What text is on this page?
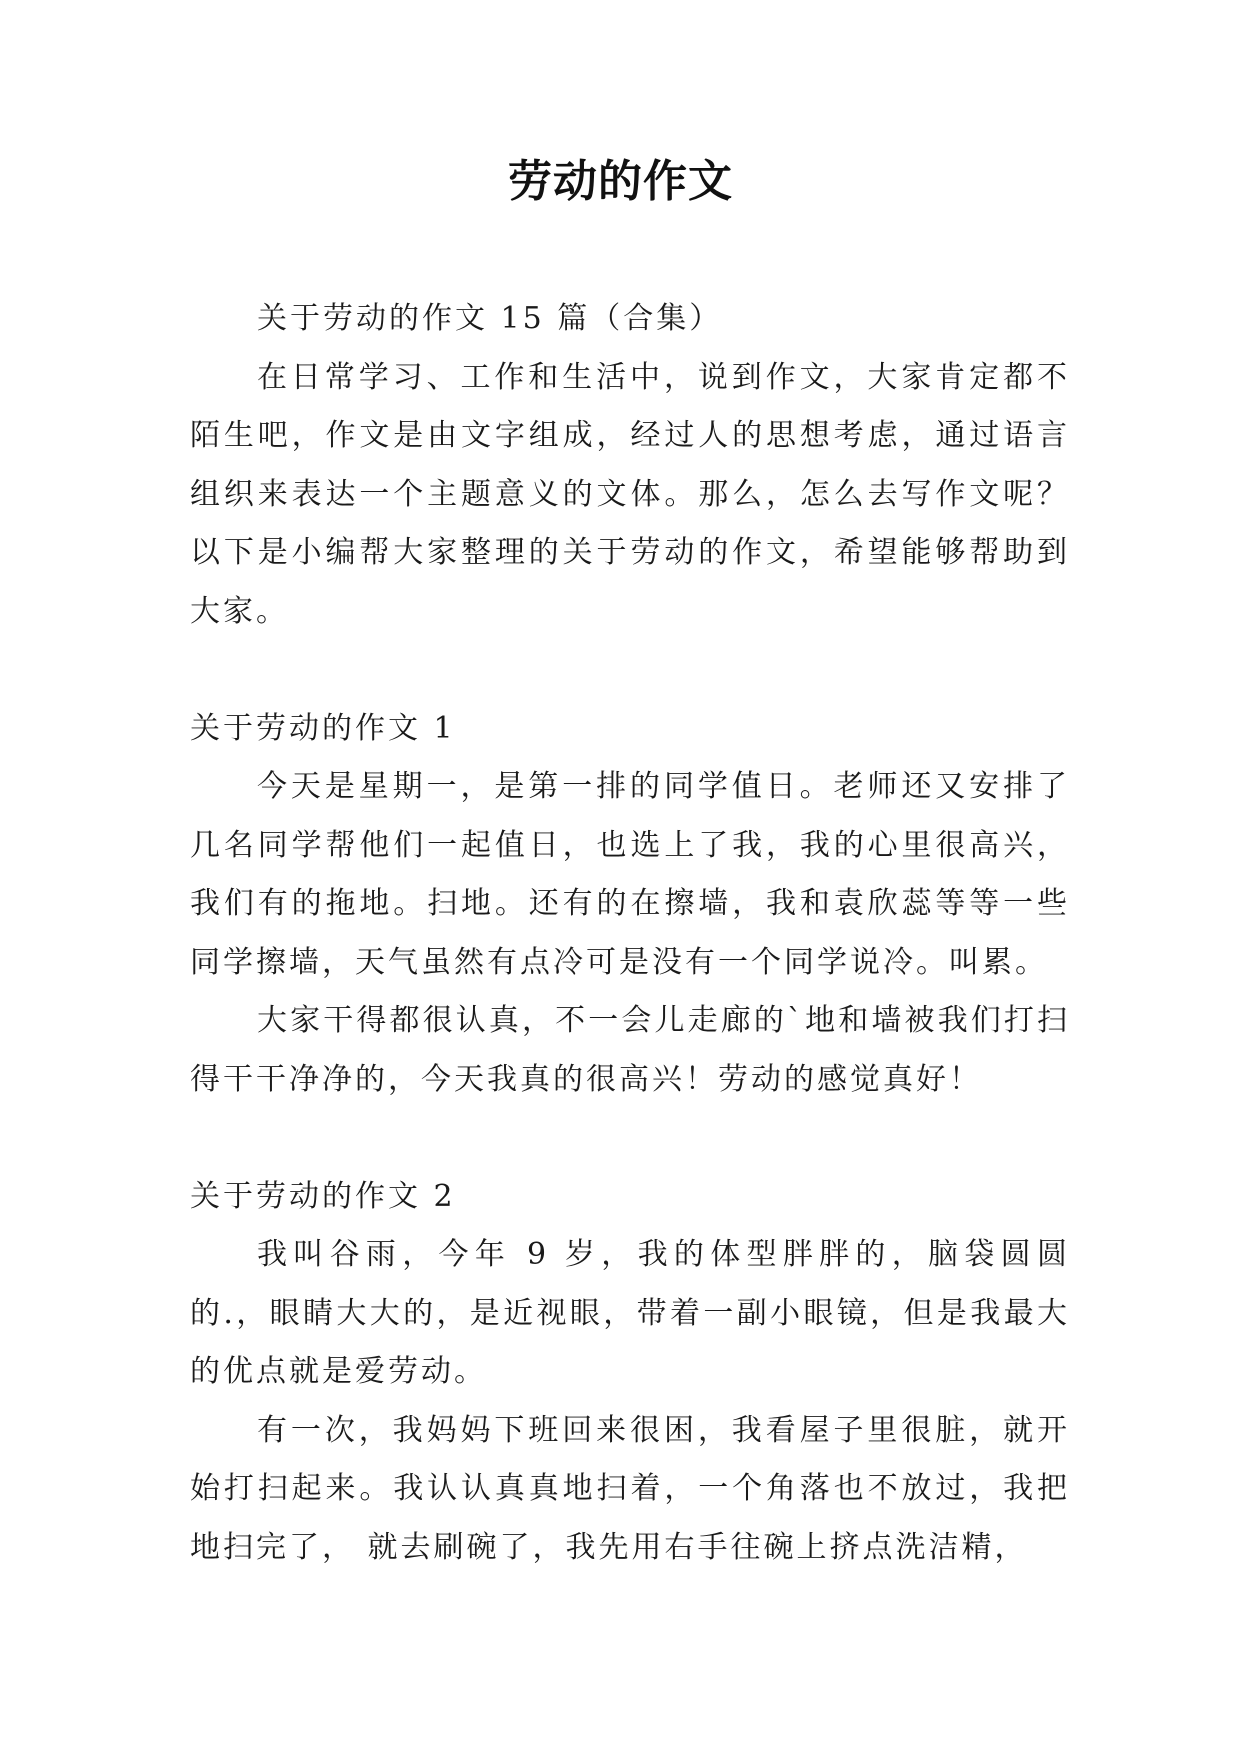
劳动的作文

关于劳动的作文 15 篇（合集）

在日常学习、工作和生活中，说到作文，大家肯定都不陌生吧，作文是由文字组成，经过人的思想考虑，通过语言组织来表达一个主题意义的文体。那么，怎么去写作文呢？以下是小编帮大家整理的关于劳动的作文，希望能够帮助到大家。

关于劳动的作文 1

今天是星期一，是第一排的同学值日。老师还又安排了几名同学帮他们一起值日，也选上了我，我的心里很高兴，我们有的拖地。扫地。还有的在擦墙，我和袁欣蕊等等一些同学擦墙，天气虽然有点冷可是没有一个同学说冷。叫累。

大家干得都很认真，不一会儿走廊的`地和墙被我们打扫得干干净净的，今天我真的很高兴！劳动的感觉真好！

关于劳动的作文 2

我叫谷雨，今年 9 岁，我的体型胖胖的，脑袋圆圆的.，眼睛大大的，是近视眼，带着一副小眼镜，但是我最大的优点就是爱劳动。

有一次，我妈妈下班回来很困，我看屋子里很脏，就开始打扫起来。我认认真真地扫着，一个角落也不放过，我把地扫完了， 就去刷碗了，我先用右手往碗上挤点洗洁精，
